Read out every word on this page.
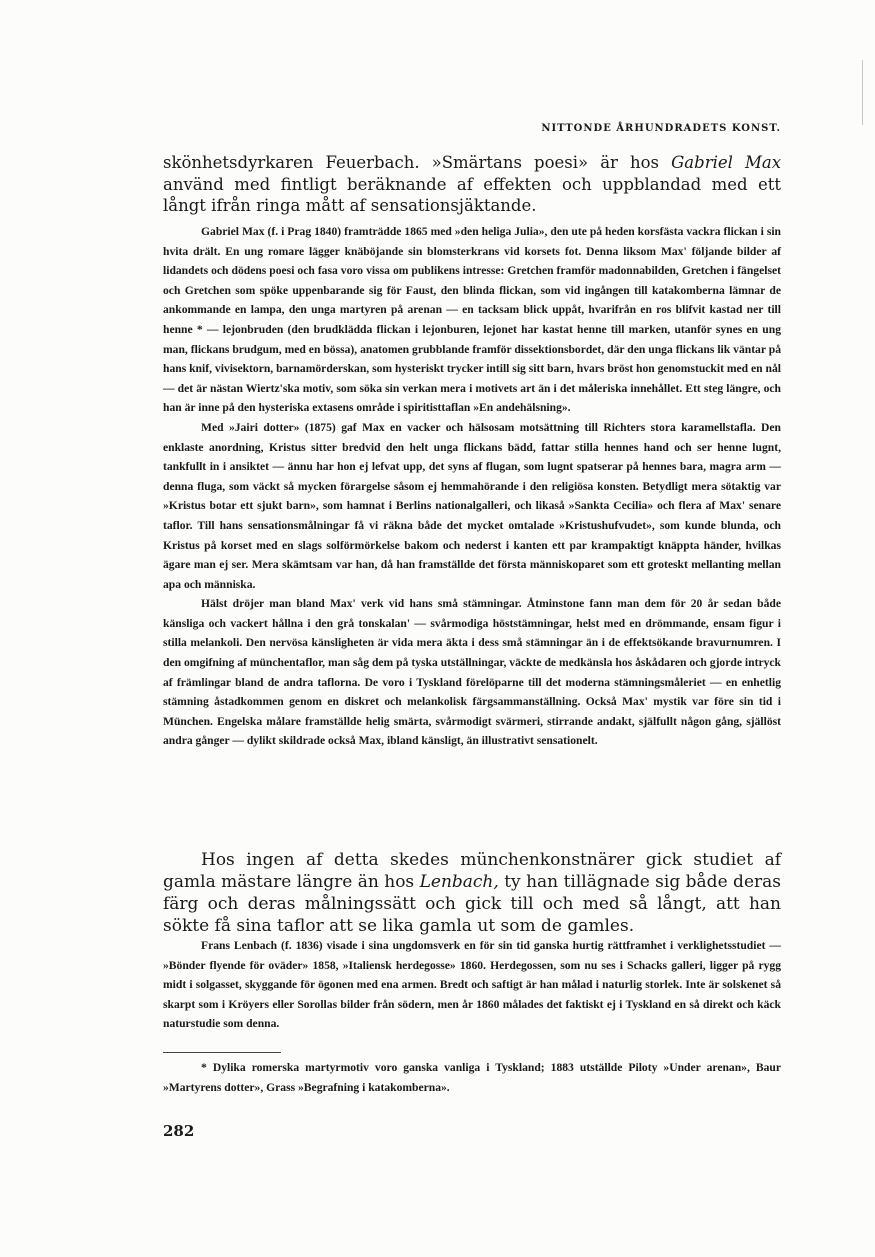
NITTONDE ÅRHUNDRADETS KONST.

skönhetsdyrkaren Feuerbach. »Smärtans poesi» är hos Gabriel Max använd med fintligt beräknande af effekten och uppblandad med ett långt ifrån ringa mått af sensationsjäktande.

Gabriel Max (f. i Prag 1840) framträdde 1865 med »den heliga Julia», den ute på heden korsfästa vackra flickan i sin hvita drält. En ung romare lägger knäböjande sin blomsterkrans vid korsets fot. Denna liksom Max' följande bilder af lidandets och dödens poesi och fasa voro vissa om publikens intresse: Gretchen framför madonnabilden, Gretchen i fängelset och Gretchen som spöke uppenbarande sig för Faust, den blinda flickan, som vid ingången till katakomberna lämnar de ankommande en lampa, den unga martyren på arenan — en tacksam blick uppåt, hvarifrån en ros blifvit kastad ner till henne * — lejonbruden (den brudklädda flickan i lejonburen, lejonet har kastat henne till marken, utanför synes en ung man, flickans brudgum, med en bössa), anatomen grubblande framför dissektionsbordet, där den unga flickans lik väntar på hans knif, vivisektorn, barnamörderskan, som hysteriskt trycker intill sig sitt barn, hvars bröst hon genomstuckit med en nål — det är nästan Wiertz'ska motiv, som söka sin verkan mera i motivets art än i det måleriska innehållet. Ett steg längre, och han är inne på den hysteriska extasens område i spiritisttaflan »En andehälsning».

Med »Jairi dotter» (1875) gaf Max en vacker och hälsosam motsättning till Richters stora karamellstafla. Den enklaste anordning, Kristus sitter bredvid den helt unga flickans bädd, fattar stilla hennes hand och ser henne lugnt, tankfullt in i ansiktet — ännu har hon ej lefvat upp, det syns af flugan, som lugnt spatserar på hennes bara, magra arm — denna fluga, som väckt så mycken förargelse såsom ej hemmahörande i den religiösa konsten. Betydligt mera sötaktig var »Kristus botar ett sjukt barn», som hamnat i Berlins nationalgalleri, och likaså »Sankta Cecilia» och flera af Max' senare taflor. Till hans sensationsmålningar få vi räkna både det mycket omtalade »Kristushufvudet», som kunde blunda, och Kristus på korset med en slags solförmörkelse bakom och nederst i kanten ett par krampaktigt knäppta händer, hvilkas ägare man ej ser. Mera skämtsam var han, då han framställde det första människoparet som ett groteskt mellanting mellan apa och människa.

Hälst dröjer man bland Max' verk vid hans små stämningar. Åtminstone fann man dem för 20 år sedan både känsliga och vackert hållna i den grå tonskalan' — svårmodiga höststämningar, helst med en drömmande, ensam figur i stilla melankoli. Den nervösa känsligheten är vida mera äkta i dess små stämningar än i de effektsökande bravurnumren. I den omgifning af münchentaflor, man såg dem på tyska utställningar, väckte de medkänsla hos åskådaren och gjorde intryck af främlingar bland de andra taflorna. De voro i Tyskland förelöparne till det moderna stämningsmåleriet — en enhetlig stämning åstadkommen genom en diskret och melankolisk färgsammanställning. Också Max' mystik var före sin tid i München. Engelska målare framställde helig smärta, svårmodigt svärmeri, stirrande andakt, själfullt någon gång, själlöst andra gånger — dylikt skildrade också Max, ibland känsligt, än illustrativt sensationelt.

Hos ingen af detta skedes münchenkonstnärer gick studiet af gamla mästare längre än hos Lenbach, ty han tillägnade sig både deras färg och deras målningssätt och gick till och med så långt, att han sökte få sina taflor att se lika gamla ut som de gamles.

Frans Lenbach (f. 1836) visade i sina ungdomsverk en för sin tid ganska hurtig rättframhet i verklighetsstudiet — »Bönder flyende för oväder» 1858, »Italiensk herdegosse» 1860. Herdegossen, som nu ses i Schacks galleri, ligger på rygg midt i solgasset, skyggande för ögonen med ena armen. Bredt och saftigt är han målad i naturlig storlek. Inte är solskenet så skarpt som i Kröyers eller Sorollas bilder från södern, men år 1860 målades det faktiskt ej i Tyskland en så direkt och käck naturstudie som denna.

* Dylika romerska martyrmotiv voro ganska vanliga i Tyskland; 1883 utställde Piloty »Under arenan», Baur »Martyrens dotter», Grass »Begrafning i katakomberna».

282
